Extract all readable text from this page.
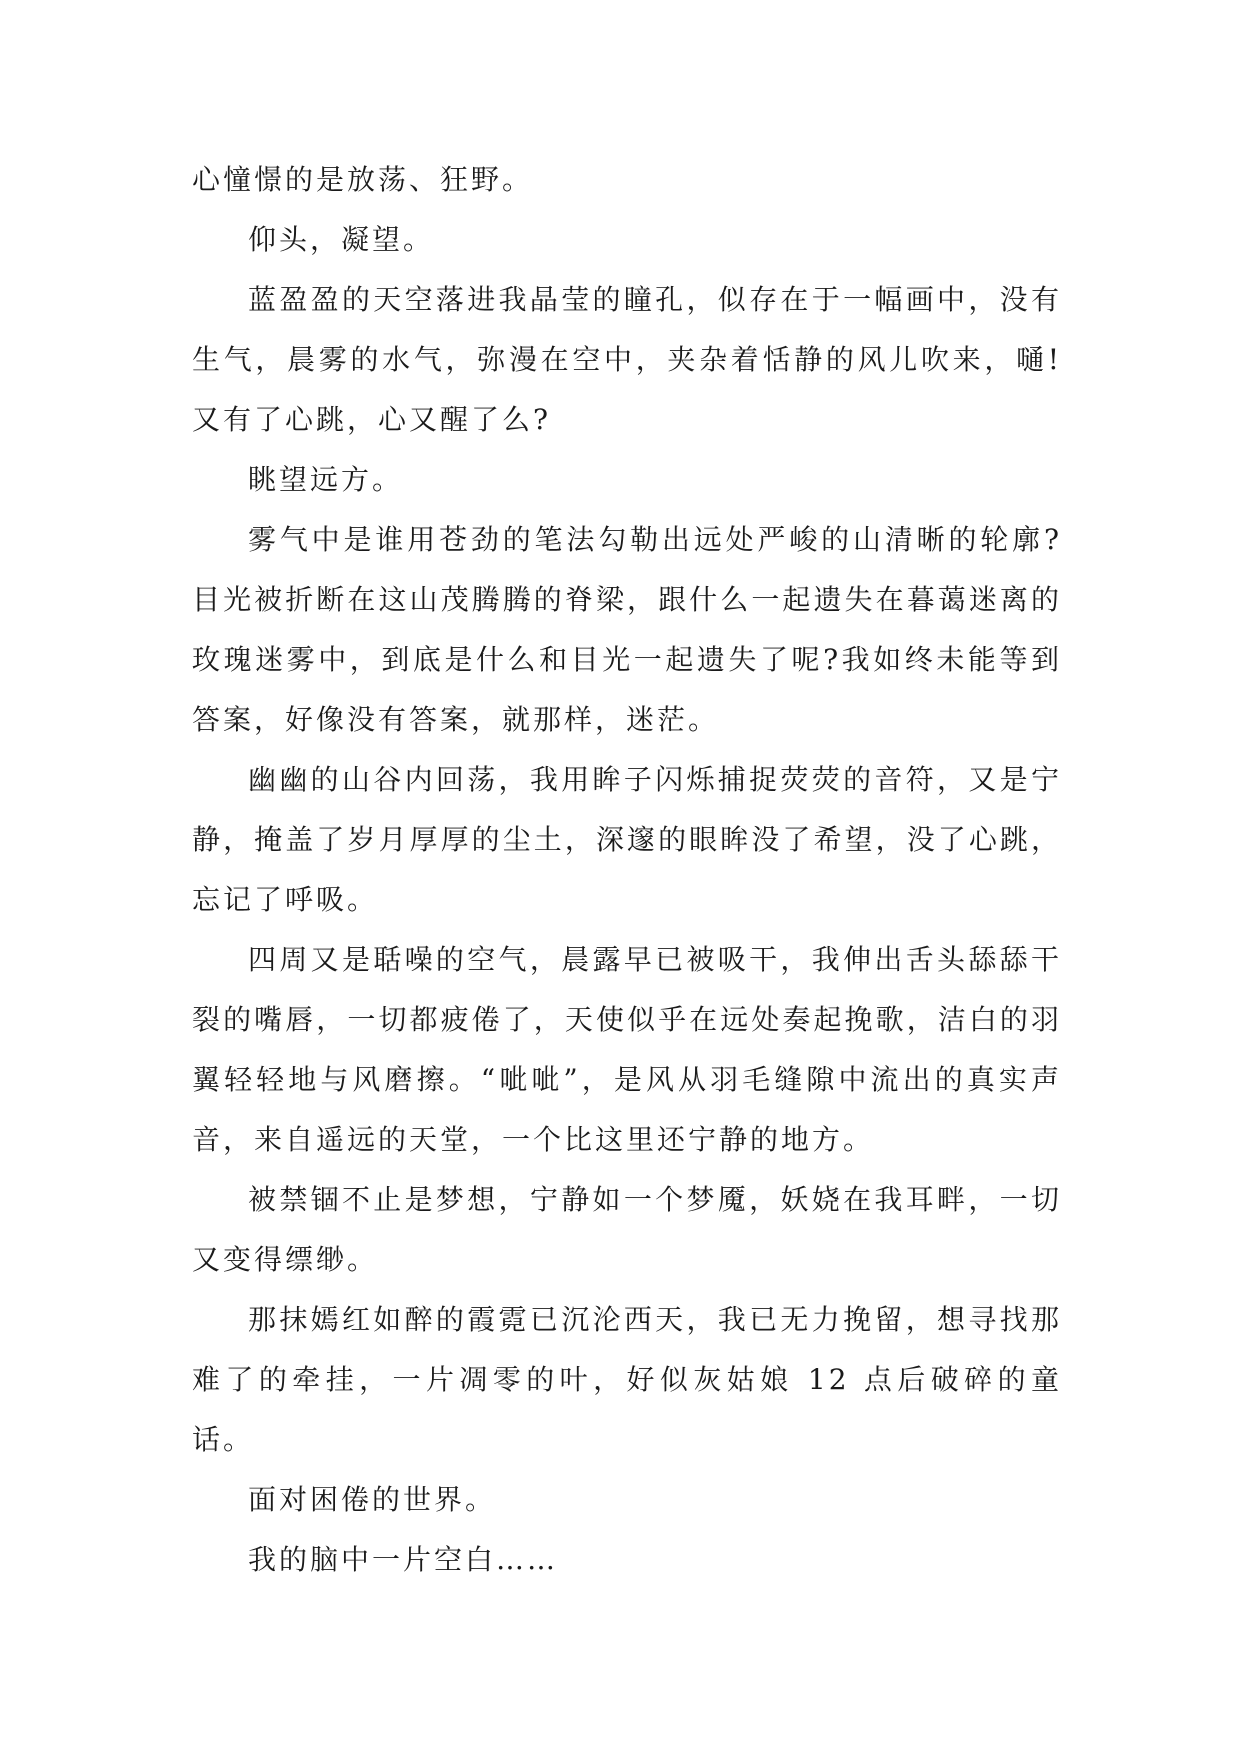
心憧憬的是放荡、狂野。

仰头，凝望。

蓝盈盈的天空落进我晶莹的瞳孔，似存在于一幅画中，没有生气，晨雾的水气，弥漫在空中，夹杂着恬静的风儿吹来，嗵!又有了心跳，心又醒了么?

眺望远方。

雾气中是谁用苍劲的笔法勾勒出远处严峻的山清晰的轮廓?目光被折断在这山茂腾腾的脊梁，跟什么一起遗失在暮蔼迷离的玫瑰迷雾中，到底是什么和目光一起遗失了呢?我如终未能等到答案，好像没有答案，就那样，迷茫。

幽幽的山谷内回荡，我用眸子闪烁捕捉荧荧的音符，又是宁静，掩盖了岁月厚厚的尘土，深邃的眼眸没了希望，没了心跳，忘记了呼吸。

四周又是聒噪的空气，晨露早已被吸干，我伸出舌头舔舔干裂的嘴唇，一切都疲倦了，天使似乎在远处奏起挽歌，洁白的羽翼轻轻地与风磨擦。“呲呲”，是风从羽毛缝隙中流出的真实声音，来自遥远的天堂，一个比这里还宁静的地方。

被禁锢不止是梦想，宁静如一个梦魇，妖娆在我耳畔，一切又变得缥缈。

那抹嫣红如醉的霞霓已沉沦西天，我已无力挽留，想寻找那难了的牵挂，一片凋零的叶，好似灰姑娘 12 点后破碎的童话。

面对困倦的世界。

我的脑中一片空白……
